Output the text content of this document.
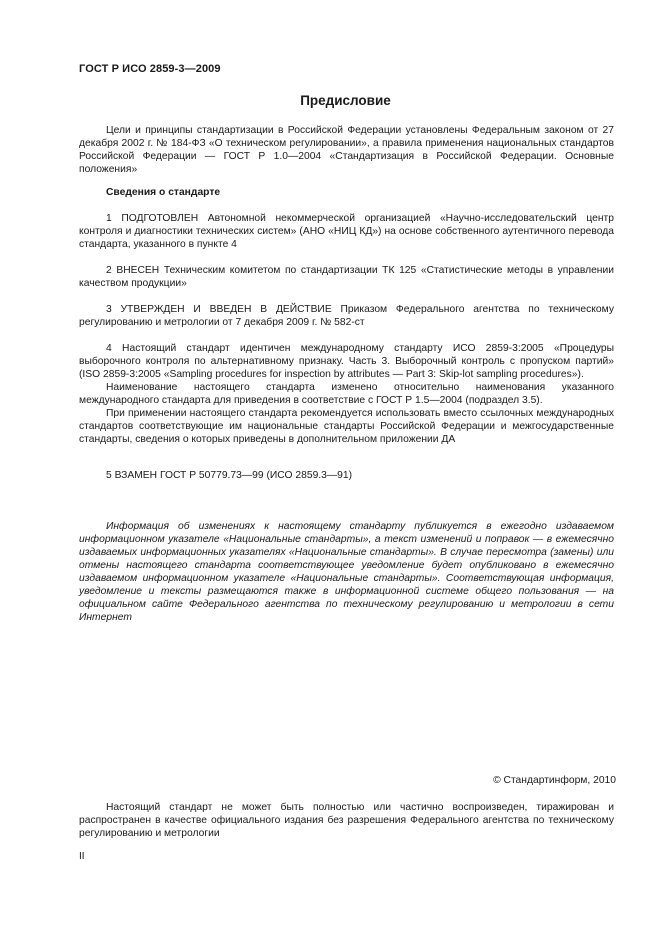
ГОСТ Р ИСО 2859-3—2009
Предисловие

Цели и принципы стандартизации в Российской Федерации установлены Федеральным законом от 27 декабря 2002 г. № 184-ФЗ «О техническом регулировании», а правила применения национальных стандартов Российской Федерации — ГОСТ Р 1.0—2004 «Стандартизация в Российской Федерации. Основные положения»

Сведения о стандарте

1 ПОДГОТОВЛЕН Автономной некоммерческой организацией «Научно-исследовательский центр контроля и диагностики технических систем» (АНО «НИЦ КД») на основе собственного аутентичного перевода стандарта, указанного в пункте 4

2 ВНЕСЕН Техническим комитетом по стандартизации ТК 125 «Статистические методы в управлении качеством продукции»

3 УТВЕРЖДЕН И ВВЕДЕН В ДЕЙСТВИЕ Приказом Федерального агентства по техническому регулированию и метрологии от 7 декабря 2009 г. № 582-ст

4 Настоящий стандарт идентичен международному стандарту ИСО 2859-3:2005 «Процедуры выборочного контроля по альтернативному признаку. Часть 3. Выборочный контроль с пропуском партий» (ISO 2859-3:2005 «Sampling procedures for inspection by attributes — Part 3: Skip-lot sampling procedures»).

Наименование настоящего стандарта изменено относительно наименования указанного международного стандарта для приведения в соответствие с ГОСТ Р 1.5—2004 (подраздел 3.5).

При применении настоящего стандарта рекомендуется использовать вместо ссылочных международных стандартов соответствующие им национальные стандарты Российской Федерации и межгосударственные стандарты, сведения о которых приведены в дополнительном приложении ДА

5 ВЗАМЕН ГОСТ Р 50779.73—99 (ИСО 2859.3—91)

Информация об изменениях к настоящему стандарту публикуется в ежегодно издаваемом информационном указателе «Национальные стандарты», а текст изменений и поправок — в ежемесячно издаваемых информационных указателях «Национальные стандарты». В случае пересмотра (замены) или отмены настоящего стандарта соответствующее уведомление будет опубликовано в ежемесячно издаваемом информационном указателе «Национальные стандарты». Соответствующая информация, уведомление и тексты размещаются также в информационной системе общего пользования — на официальном сайте Федерального агентства по техническому регулированию и метрологии в сети Интернет

© Стандартинформ, 2010

Настоящий стандарт не может быть полностью или частично воспроизведен, тиражирован и распространен в качестве официального издания без разрешения Федерального агентства по техническому регулированию и метрологии

II
